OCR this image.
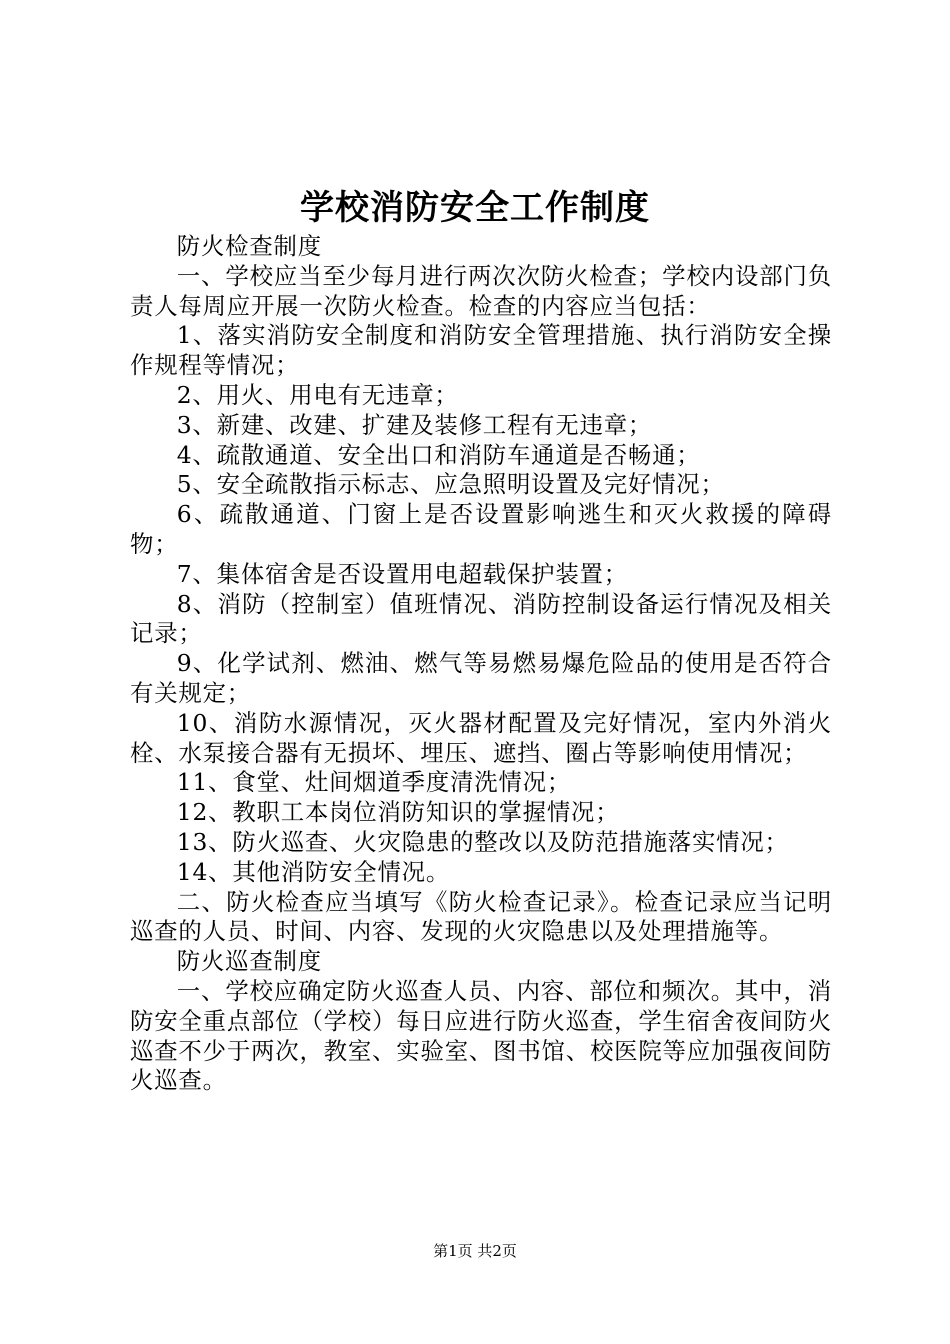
学校消防安全工作制度

防火检查制度

一、学校应当至少每月进行两次次防火检查；学校内设部门负责人每周应开展一次防火检查。检查的内容应当包括：

1、落实消防安全制度和消防安全管理措施、执行消防安全操作规程等情况；

2、用火、用电有无违章；

3、新建、改建、扩建及装修工程有无违章；

4、疏散通道、安全出口和消防车通道是否畅通；

5、安全疏散指示标志、应急照明设置及完好情况；

6、疏散通道、门窗上是否设置影响逃生和灭火救援的障碍物；

7、集体宿舍是否设置用电超载保护装置；

8、消防（控制室）值班情况、消防控制设备运行情况及相关记录；

9、化学试剂、燃油、燃气等易燃易爆危险品的使用是否符合有关规定；

10、消防水源情况，灭火器材配置及完好情况，室内外消火栓、水泵接合器有无损坏、埋压、遮挡、圈占等影响使用情况；

11、食堂、灶间烟道季度清洗情况；

12、教职工本岗位消防知识的掌握情况；

13、防火巡查、火灾隐患的整改以及防范措施落实情况；

14、其他消防安全情况。

二、防火检查应当填写《防火检查记录》。检查记录应当记明巡查的人员、时间、内容、发现的火灾隐患以及处理措施等。

防火巡查制度

一、学校应确定防火巡查人员、内容、部位和频次。其中，消防安全重点部位（学校）每日应进行防火巡查，学生宿舍夜间防火巡查不少于两次，教室、实验室、图书馆、校医院等应加强夜间防火巡查。

第1页 共2页
